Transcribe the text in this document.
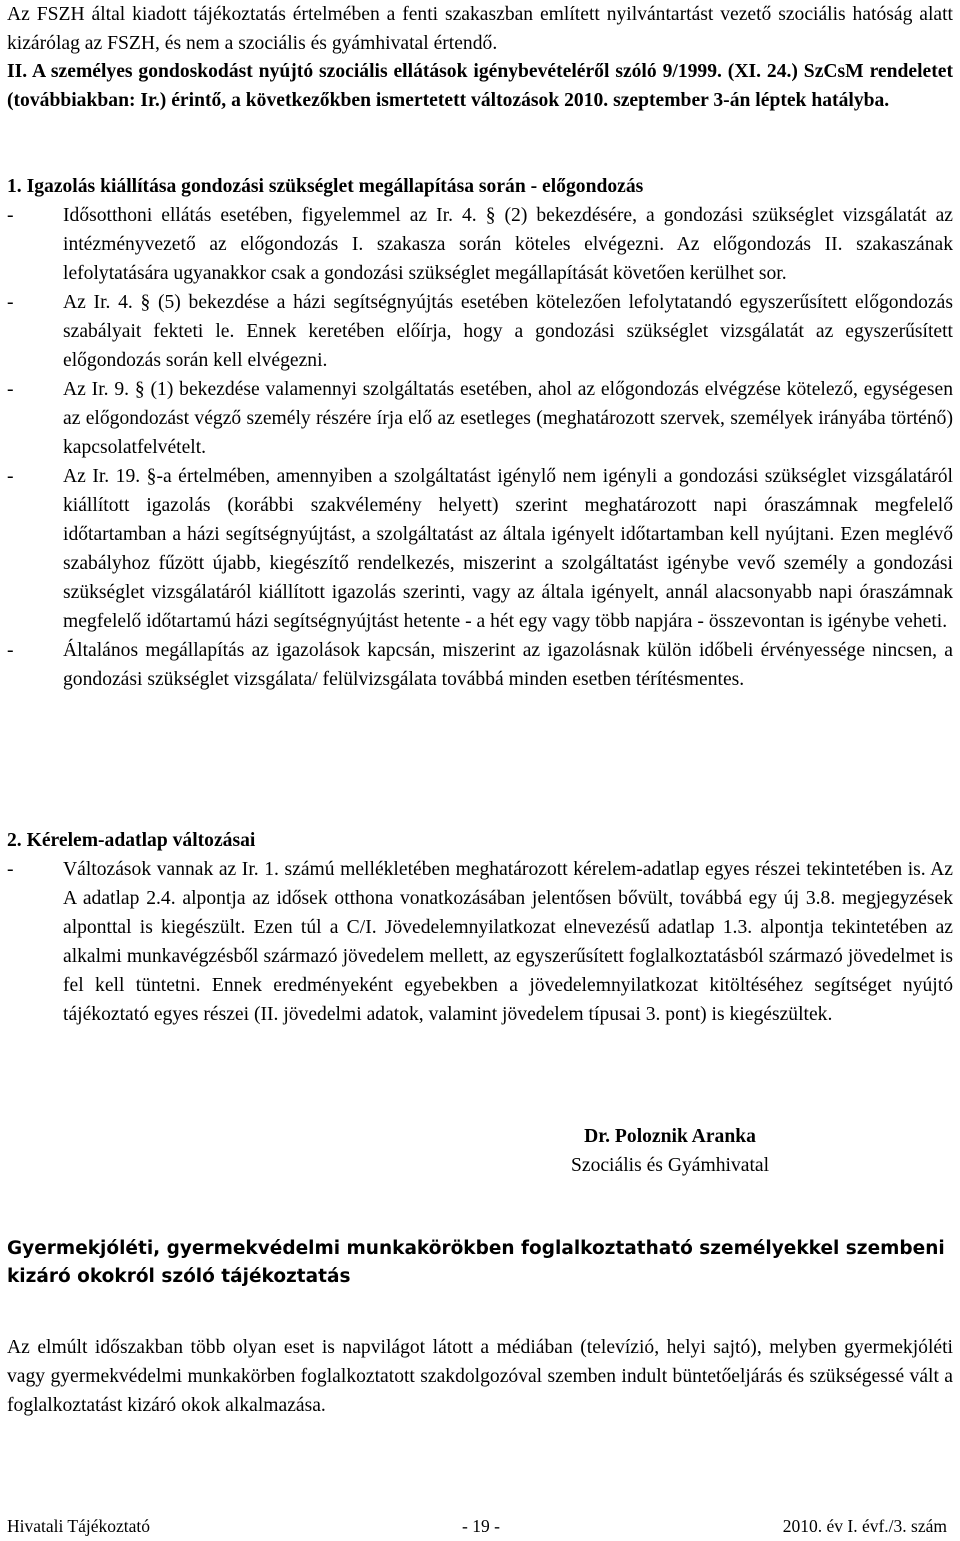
Az FSZH által kiadott tájékoztatás értelmében a fenti szakaszban említett nyilvántartást vezető szociális hatóság alatt kizárólag az FSZH, és nem a szociális és gyámhivatal értendő.

II. A személyes gondoskodást nyújtó szociális ellátások igénybevételéről szóló 9/1999. (XI. 24.) SzCsM rendeletet (továbbiakban: Ir.) érintő, a következőkben ismertetett változások 2010. szeptember 3-án léptek hatályba.

1. Igazolás kiállítása gondozási szükséglet megállapítása során - előgondozás

-	Idősotthoni ellátás esetében, figyelemmel az Ir. 4. § (2) bekezdésére, a gondozási szükséglet vizsgálatát az intézményvezető az előgondozás I. szakasza során köteles elvégezni. Az előgondozás II. szakaszának lefolytatására ugyanakkor csak a gondozási szükséglet megállapítását követően kerülhet sor.
-	Az Ir. 4. § (5) bekezdése a házi segítségnyújtás esetében kötelezően lefolytatandó egyszerűsített előgondozás szabályait fekteti le. Ennek keretében előírja, hogy a gondozási szükséglet vizsgálatát az egyszerűsített előgondozás során kell elvégezni.
-	Az Ir. 9. § (1) bekezdése valamennyi szolgáltatás esetében, ahol az előgondozás elvégzése kötelező, egységesen az előgondozást végző személy részére írja elő az esetleges (meghatározott szervek, személyek irányába történő) kapcsolatfelvételt.
-	Az Ir. 19. §-a értelmében, amennyiben a szolgáltatást igénylő nem igényli a gondozási szükséglet vizsgálatáról kiállított igazolás (korábbi szakvélemény helyett) szerint meghatározott napi óraszámnak megfelelő időtartamban a házi segítségnyújtást, a szolgáltatást az általa igényelt időtartamban kell nyújtani. Ezen meglévő szabályhoz fűzött újabb, kiegészítő rendelkezés, miszerint a szolgáltatást igénybe vevő személy a gondozási szükséglet vizsgálatáról kiállított igazolás szerinti, vagy az általa igényelt, annál alacsonyabb napi óraszámnak megfelelő időtartamú házi segítségnyújtást hetente - a hét egy vagy több napjára - összevontan is igénybe veheti.
-	Általános megállapítás az igazolások kapcsán, miszerint az igazolásnak külön időbeli érvényessége nincsen, a gondozási szükséglet vizsgálata/ felülvizsgálata továbbá minden esetben térítésmentes.

2. Kérelem-adatlap változásai

-	Változások vannak az Ir. 1. számú mellékletében meghatározott kérelem-adatlap egyes részei tekintetében is. Az A adatlap 2.4. alpontja az idősek otthona vonatkozásában jelentősen bővült, továbbá egy új 3.8. megjegyzések alponttal is kiegészült. Ezen túl a C/I. Jövedelemnyilatkozat elnevezésű adatlap 1.3. alpontja tekintetében az alkalmi munkavégzésből származó jövedelem mellett, az egyszerűsített foglalkoztatásból származó jövedelmet is fel kell tüntetni. Ennek eredményeként egyebekben a jövedelemnyilatkozat kitöltéséhez segítséget nyújtó tájékoztató egyes részei (II. jövedelmi adatok, valamint jövedelem típusai 3. pont) is kiegészültek.

Dr. Poloznik Aranka

Szociális és Gyámhivatal

Gyermekjóléti, gyermekvédelmi munkakörökben foglalkoztatható személyekkel szembeni kizáró okokról szóló tájékoztatás

Az elmúlt időszakban több olyan eset is napvilágot látott a médiában (televízió, helyi sajtó), melyben gyermekjóléti vagy gyermekvédelmi munkakörben foglalkoztatott szakdolgozóval szemben indult büntetőeljárás és szükségessé vált a foglalkoztatást kizáró okok alkalmazása.

Hivatali Tájékoztató	- 19 -	2010. év I. évf./3. szám
